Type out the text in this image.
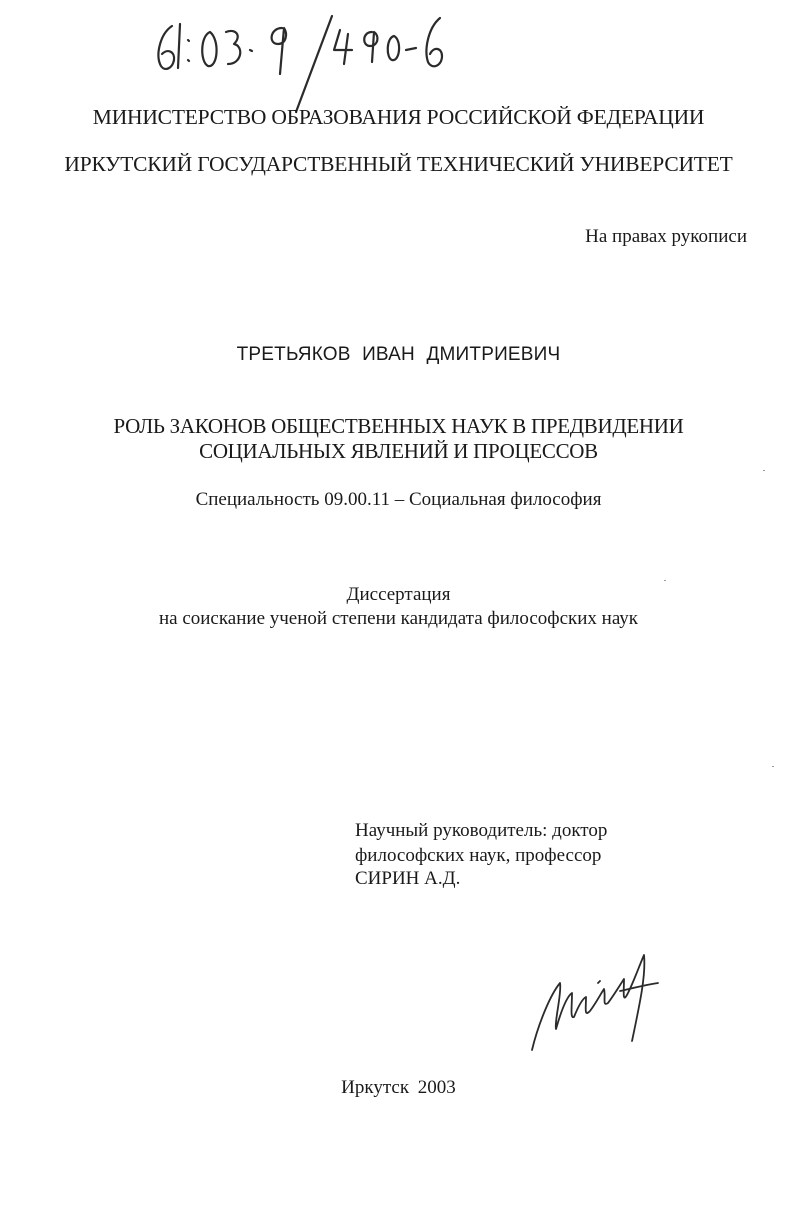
МИНИСТЕРСТВО ОБРАЗОВАНИЯ РОССИЙСКОЙ ФЕДЕРАЦИИ
ИРКУТСКИЙ ГОСУДАРСТВЕННЫЙ ТЕХНИЧЕСКИЙ УНИВЕРСИТЕТ
На правах рукописи
ТРЕТЬЯКОВ ИВАН ДМИТРИЕВИЧ
РОЛЬ ЗАКОНОВ ОБЩЕСТВЕННЫХ НАУК В ПРЕДВИДЕНИИ
СОЦИАЛЬНЫХ ЯВЛЕНИЙ И ПРОЦЕССОВ
Специальность 09.00.11 – Социальная философия
Диссертация
на соискание ученой степени кандидата философских наук
Научный руководитель: доктор
философских наук, профессор
СИРИН А.Д.
Иркутск 2003
